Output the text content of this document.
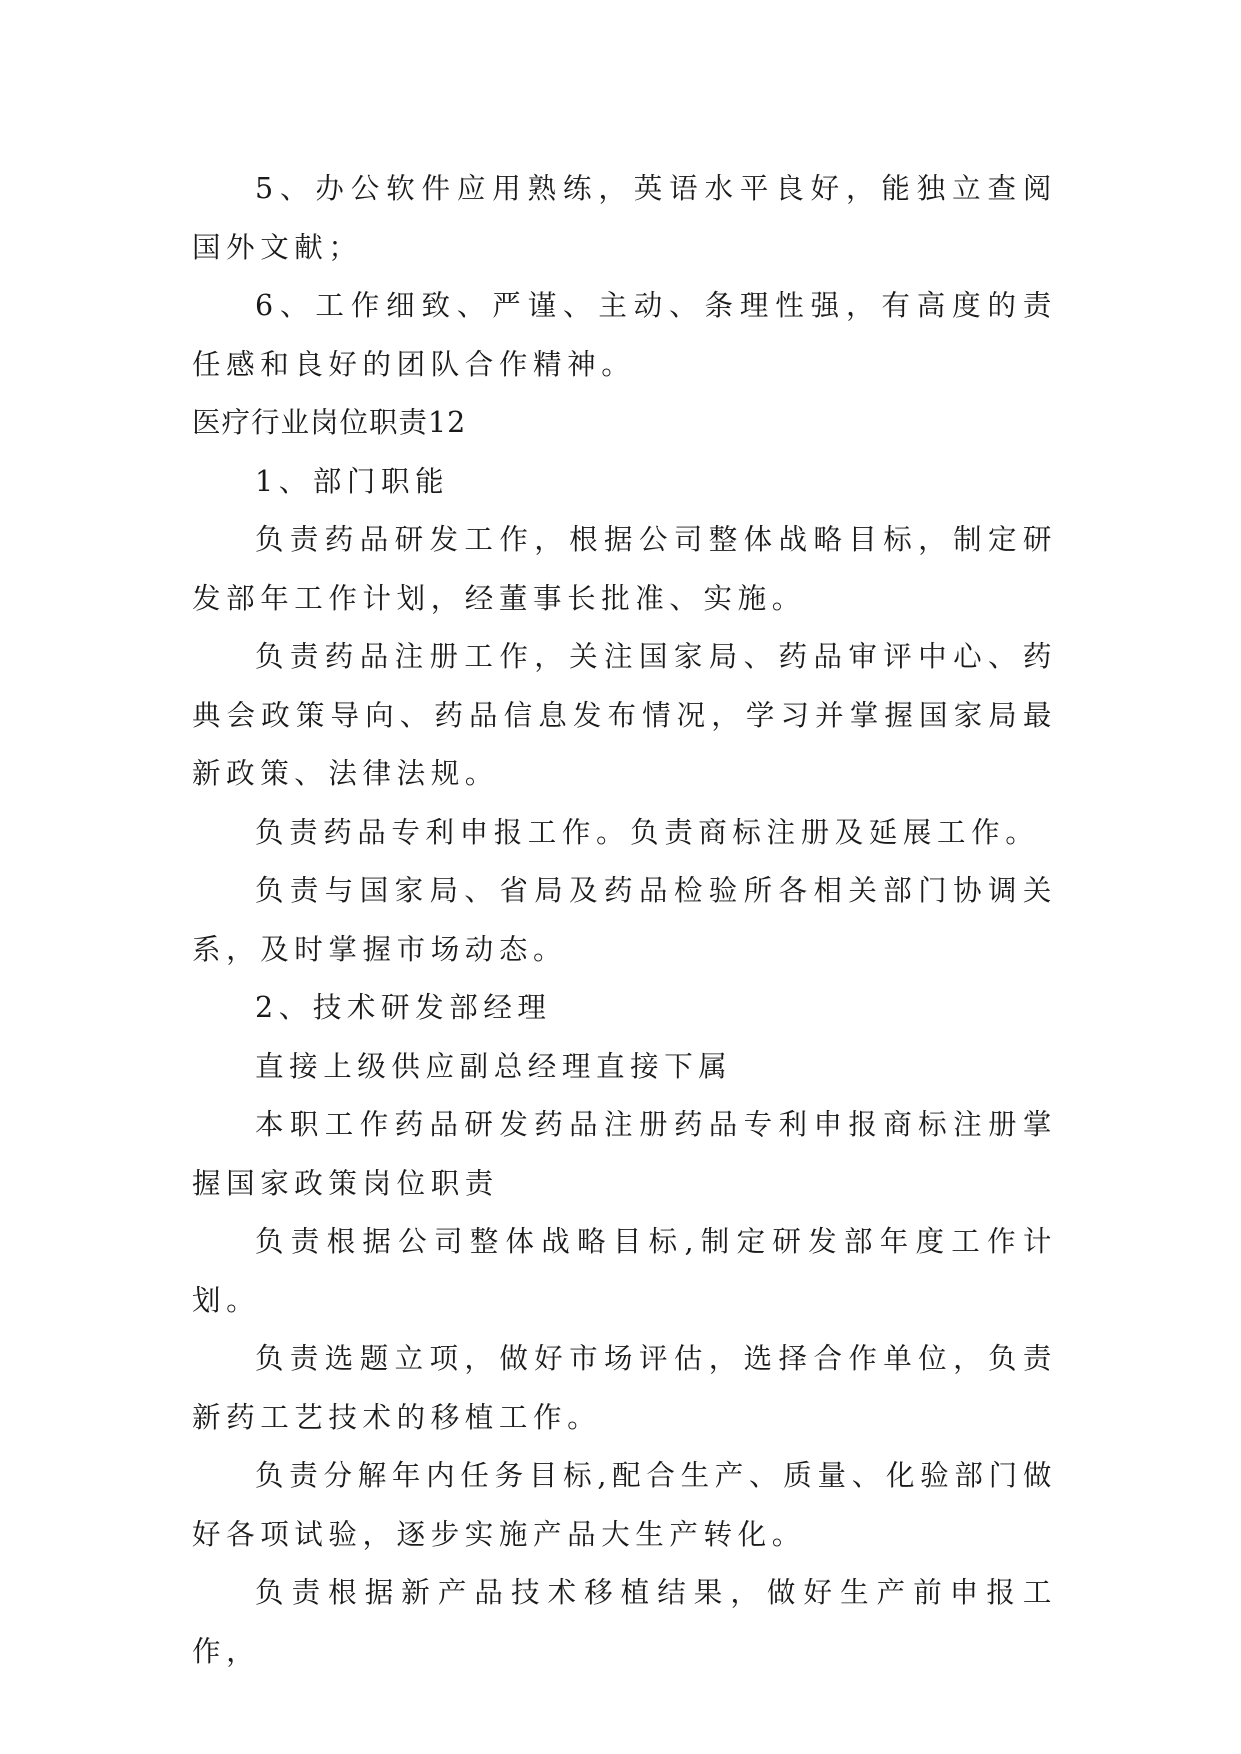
5、办公软件应用熟练，英语水平良好，能独立查阅国外文献；

6、工作细致、严谨、主动、条理性强，有高度的责任感和良好的团队合作精神。

医疗行业岗位职责12

1、部门职能

负责药品研发工作，根据公司整体战略目标，制定研发部年工作计划，经董事长批准、实施。

负责药品注册工作，关注国家局、药品审评中心、药典会政策导向、药品信息发布情况，学习并掌握国家局最新政策、法律法规。

负责药品专利申报工作。负责商标注册及延展工作。

负责与国家局、省局及药品检验所各相关部门协调关系，及时掌握市场动态。

2、技术研发部经理

直接上级供应副总经理直接下属

本职工作药品研发药品注册药品专利申报商标注册掌握国家政策岗位职责

负责根据公司整体战略目标,制定研发部年度工作计划。

负责选题立项，做好市场评估，选择合作单位，负责新药工艺技术的移植工作。

负责分解年内任务目标,配合生产、质量、化验部门做好各项试验，逐步实施产品大生产转化。

负责根据新产品技术移植结果，做好生产前申报工作，
